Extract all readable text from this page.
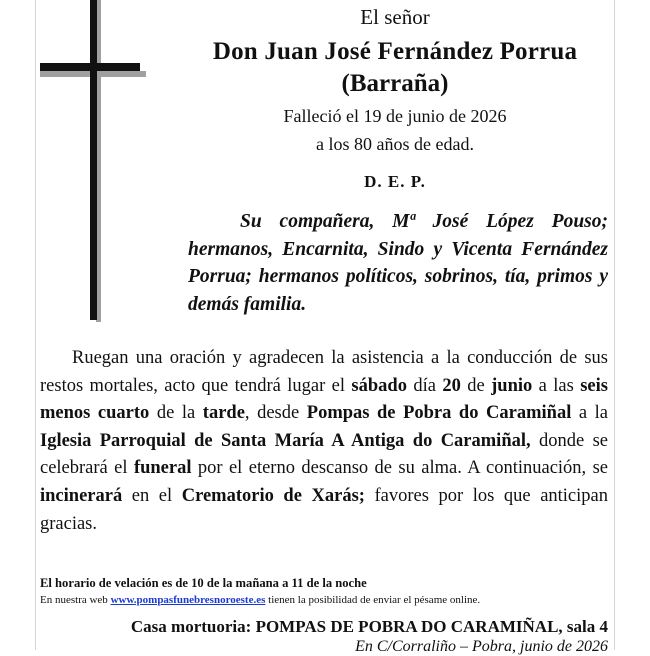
El señor

Don Juan José Fernández Porrua

(Barraña)

Falleció el 19 de junio de 2026

a los 80 años de edad.

D. E. P.

Su compañera, Mª José López Pouso; hermanos, Encarnita, Sindo y Vicenta Fernández Porrua; hermanos políticos, sobrinos, tía, primos y demás familia.

Ruegan una oración y agradecen la asistencia a la conducción de sus restos mortales, acto que tendrá lugar el sábado día 20 de junio a las seis menos cuarto de la tarde, desde Pompas de Pobra do Caramiñal a la Iglesia Parroquial de Santa María A Antiga do Caramiñal, donde se celebrará el funeral por el eterno descanso de su alma. A continuación, se incinerará en el Crematorio de Xarás; favores por los que anticipan gracias.

El horario de velación es de 10 de la mañana a 11 de la noche

En nuestra web www.pompasfunebresnoroeste.es tienen la posibilidad de enviar el pésame online.

Casa mortuoria: POMPAS DE POBRA DO CARAMIÑAL, sala 4

En C/Corraliño – Pobra, junio de 2026
